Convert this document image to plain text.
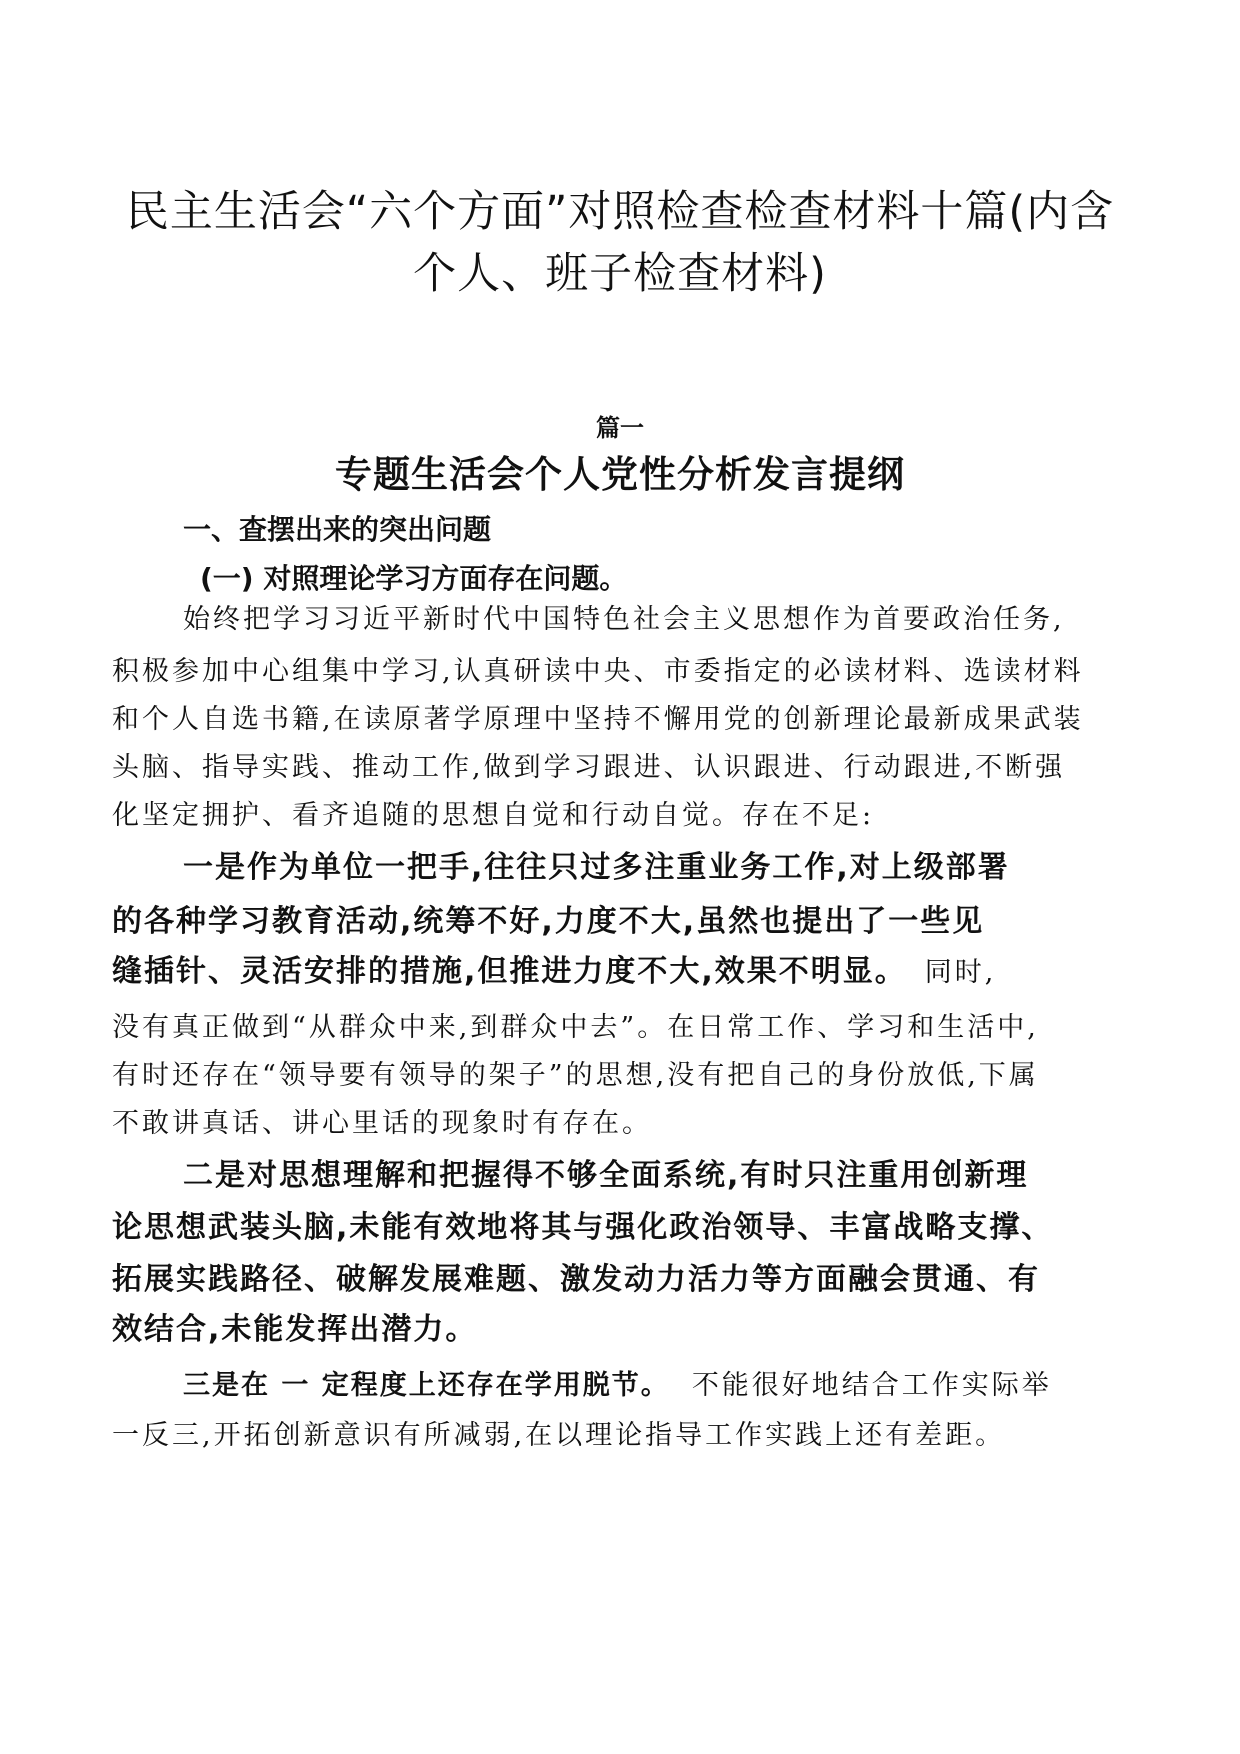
民主生活会“六个方面”对照检查检查材料十篇(内含
个人、班子检查材料)
篇一
专题生活会个人党性分析发言提纲
一、查摆出来的突出问题
(一) 对照理论学习方面存在问题。

始终把学习习近平新时代中国特色社会主义思想作为首要政治任务,

积极参加中心组集中学习,认真研读中央、市委指定的必读材料、选读材料

和个人自选书籍,在读原著学原理中坚持不懈用党的创新理论最新成果武装

头脑、指导实践、推动工作,做到学习跟进、认识跟进、行动跟进,不断强

化坚定拥护、看齐追随的思想自觉和行动自觉。存在不足:

一是作为单位一把手,往往只过多注重业务工作,对上级部署

的各种学习教育活动,统筹不好,力度不大,虽然也提出了一些见

缝插针、灵活安排的措施,但推进力度不大,效果不明显。 同时,

没有真正做到“从群众中来,到群众中去”。在日常工作、学习和生活中,

有时还存在“领导要有领导的架子”的思想,没有把自己的身份放低,下属

不敢讲真话、讲心里话的现象时有存在。

二是对思想理解和把握得不够全面系统,有时只注重用创新理

论思想武装头脑,未能有效地将其与强化政治领导、丰富战略支撑、

拓展实践路径、破解发展难题、激发动力活力等方面融会贯通、有

效结合,未能发挥出潜力。

三是在 一 定程度上还存在学用脱节。 不能很好地结合工作实际举

一反三,开拓创新意识有所减弱,在以理论指导工作实践上还有差距。
